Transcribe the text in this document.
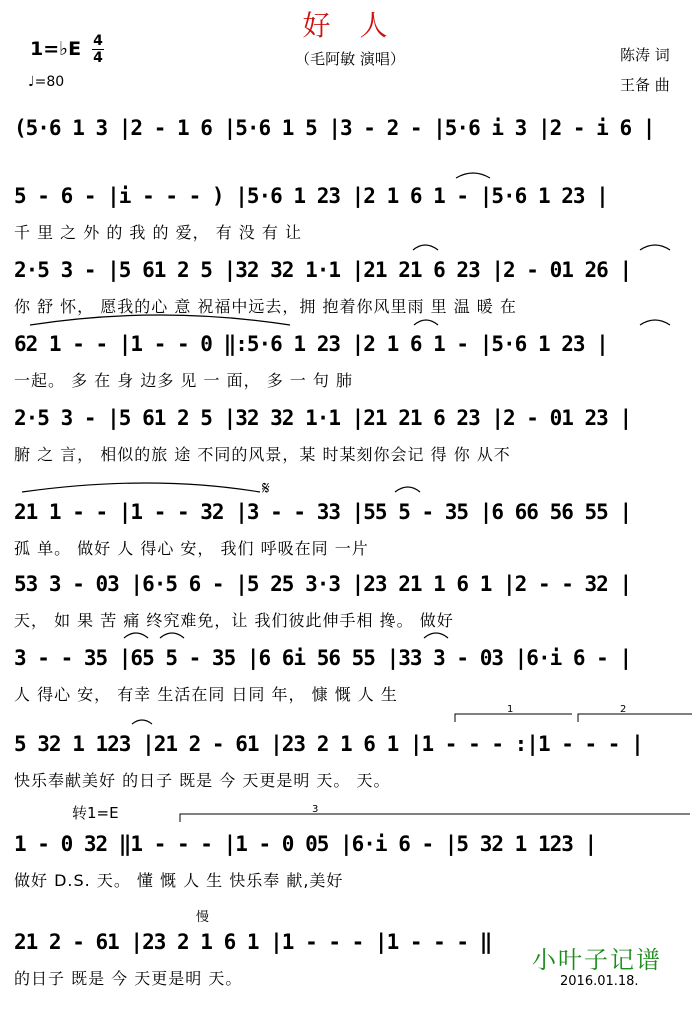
好 人
（毛阿敏 演唱）
1=♭E 4
4
♩=80
陈涛 词
王备 曲
(5·6 1 3 |2 - 1 6 |5·6 1 5 |3 - 2 - |5·6 i 3 |2 - i 6 |
5 - 6 - |i - - - ) |5·6 1 23 |2 1 6 1 - |5·6 1 23 |
千 里 之 外 的 我 的 爱， 有 没 有 让
2·5 3 - |5 61 2 5 |32 32 1·1 |21 21 6 23 |2 - 01 26 |
你 舒 怀， 愿我的心 意 祝福中远去，拥 抱着你风里雨 里 温 暖 在
62 1 - - |1 - - 0 ‖:5·6 1 23 |2 1 6 1 - |5·6 1 23 |
一起。 多 在 身 边多 见 一 面， 多 一 句 肺
2·5 3 - |5 61 2 5 |32 32 1·1 |21 21 6 23 |2 - 01 23 |
腑 之 言， 相似的旅 途 不同的风景，某 时某刻你会记 得 你 从不
21 1 - - |1 - - 32 |3 - - 33 |55 5 - 35 |6 66 56 55 |
孤 单。 做好 人 得心 安， 我们 呼吸在同 一片
53 3 - 03 |6·5 6 - |5 25 3·3 |23 21 1 6 1 |2 - - 32 |
天， 如 果 苦 痛 终究难免，让 我们彼此伸手相 搀。 做好
3 - - 35 |65 5 - 35 |6 6i 56 55 |33 3 - 03 |6·i 6 - |
人 得心 安， 有幸 生活在同 日同 年， 慷 慨 人 生
5 32 1 123 |21 2 - 61 |23 2 1 6 1 |1 - - - :|1 - - - |
快乐奉献美好 的日子 既是 今 天更是明 天。 天。
转1=E
1 - 0 32 ‖1 - - - |1 - 0 05 |6·i 6 - |5 32 1 123 |
做好 D.S. 天。 懂 慨 人 生 快乐奉 献,美好
慢
21 2 - 61 |23 2 1 6 1 |1 - - - |1 - - - ‖
的日子 既是 今 天更是明 天。
𝄋
1	2
3
小叶子记谱
2016.01.18.
